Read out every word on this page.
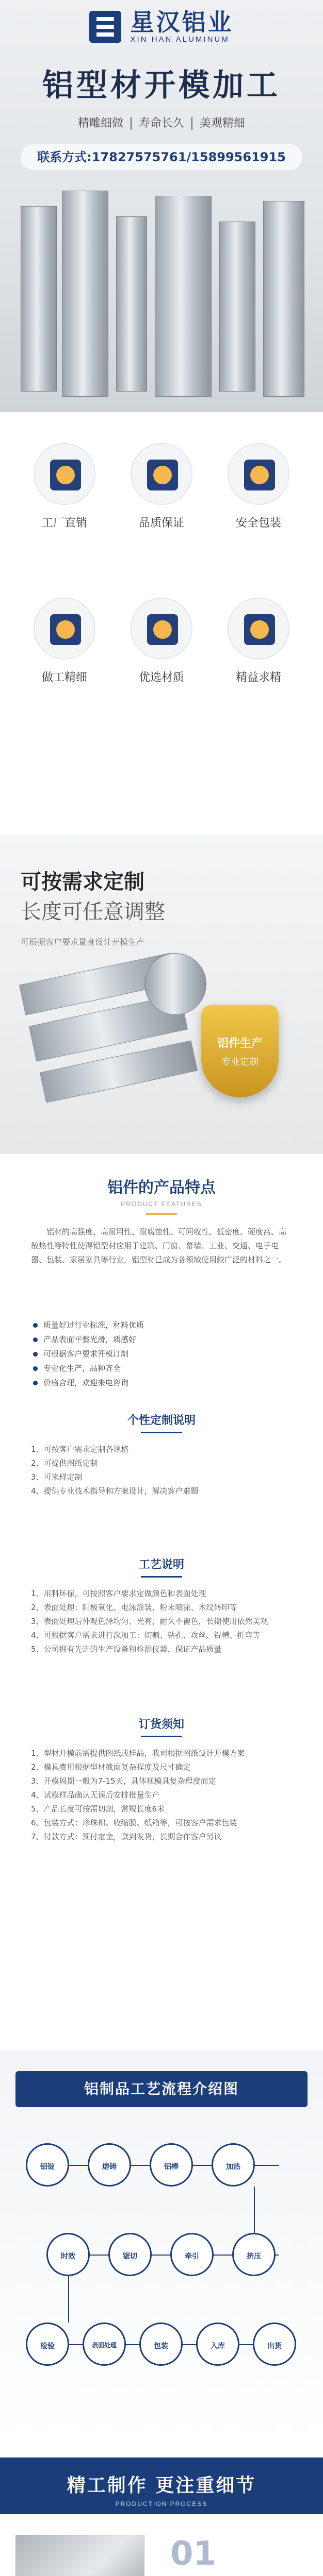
星汉铝业
XIN HAN ALUMINUM
铝型材开模加工
精雕细做 寿命长久 美观精细
联系方式:17827575761/15899561915
工厂直销	品质保证	安全包装
做工精细	优选材质	精益求精
可按需求定制
长度可任意调整
可根据客户要求量身设计开模生产
铝件生产
专业定制
铝件的产品特点
PRODUCT FEATURES
铝材的高强度、高耐用性、耐腐蚀性、可回收性、低密度、硬度高、高散热性等特性使得铝型材应用于建筑、门窗、幕墙、工业、交通、电子电器、包装、家居家具等行业，铝型材已成为各领域使用较广泛的材料之一。
质量好过行业标准，材料优质
产品表面平整光滑，质感好
可根据客户要求开模订制
专业化生产，品种齐全
价格合理，欢迎来电咨询
个性定制说明
1、可按客户需求定制各规格
2、可提供图纸定制
3、可来样定制
4、提供专业技术指导和方案设计，解决客户难题
工艺说明
1、用料环保，可按照客户要求定做颜色和表面处理
2、表面处理：阳极氧化、电泳涂装、粉末喷涂、木纹转印等
3、表面处理后外观色泽均匀、光亮，耐久不褪色，长期使用依然美观
4、可根据客户需求进行深加工：切割、钻孔、攻丝、铣槽、折弯等
5、公司拥有先进的生产设备和检测仪器，保证产品质量
订货须知
1、型材开模前需提供图纸或样品，我司根据图纸设计开模方案
2、模具费用根据型材截面复杂程度及尺寸确定
3、开模周期一般为7-15天，具体视模具复杂程度而定
4、试模样品确认无误后安排批量生产
5、产品长度可按需切割，常规长度6米
6、包装方式：珍珠棉、收缩膜、纸箱等，可按客户需求包装
7、付款方式：预付定金，款到发货，长期合作客户另议
铝制品工艺流程介绍图
铝锭	熔铸	铝棒	加热
挤压
牵引
锯切
时效
检验	表面处理	包装	入库	出货
精工制作 更注重细节
PRODUCTION PROCESS
01
